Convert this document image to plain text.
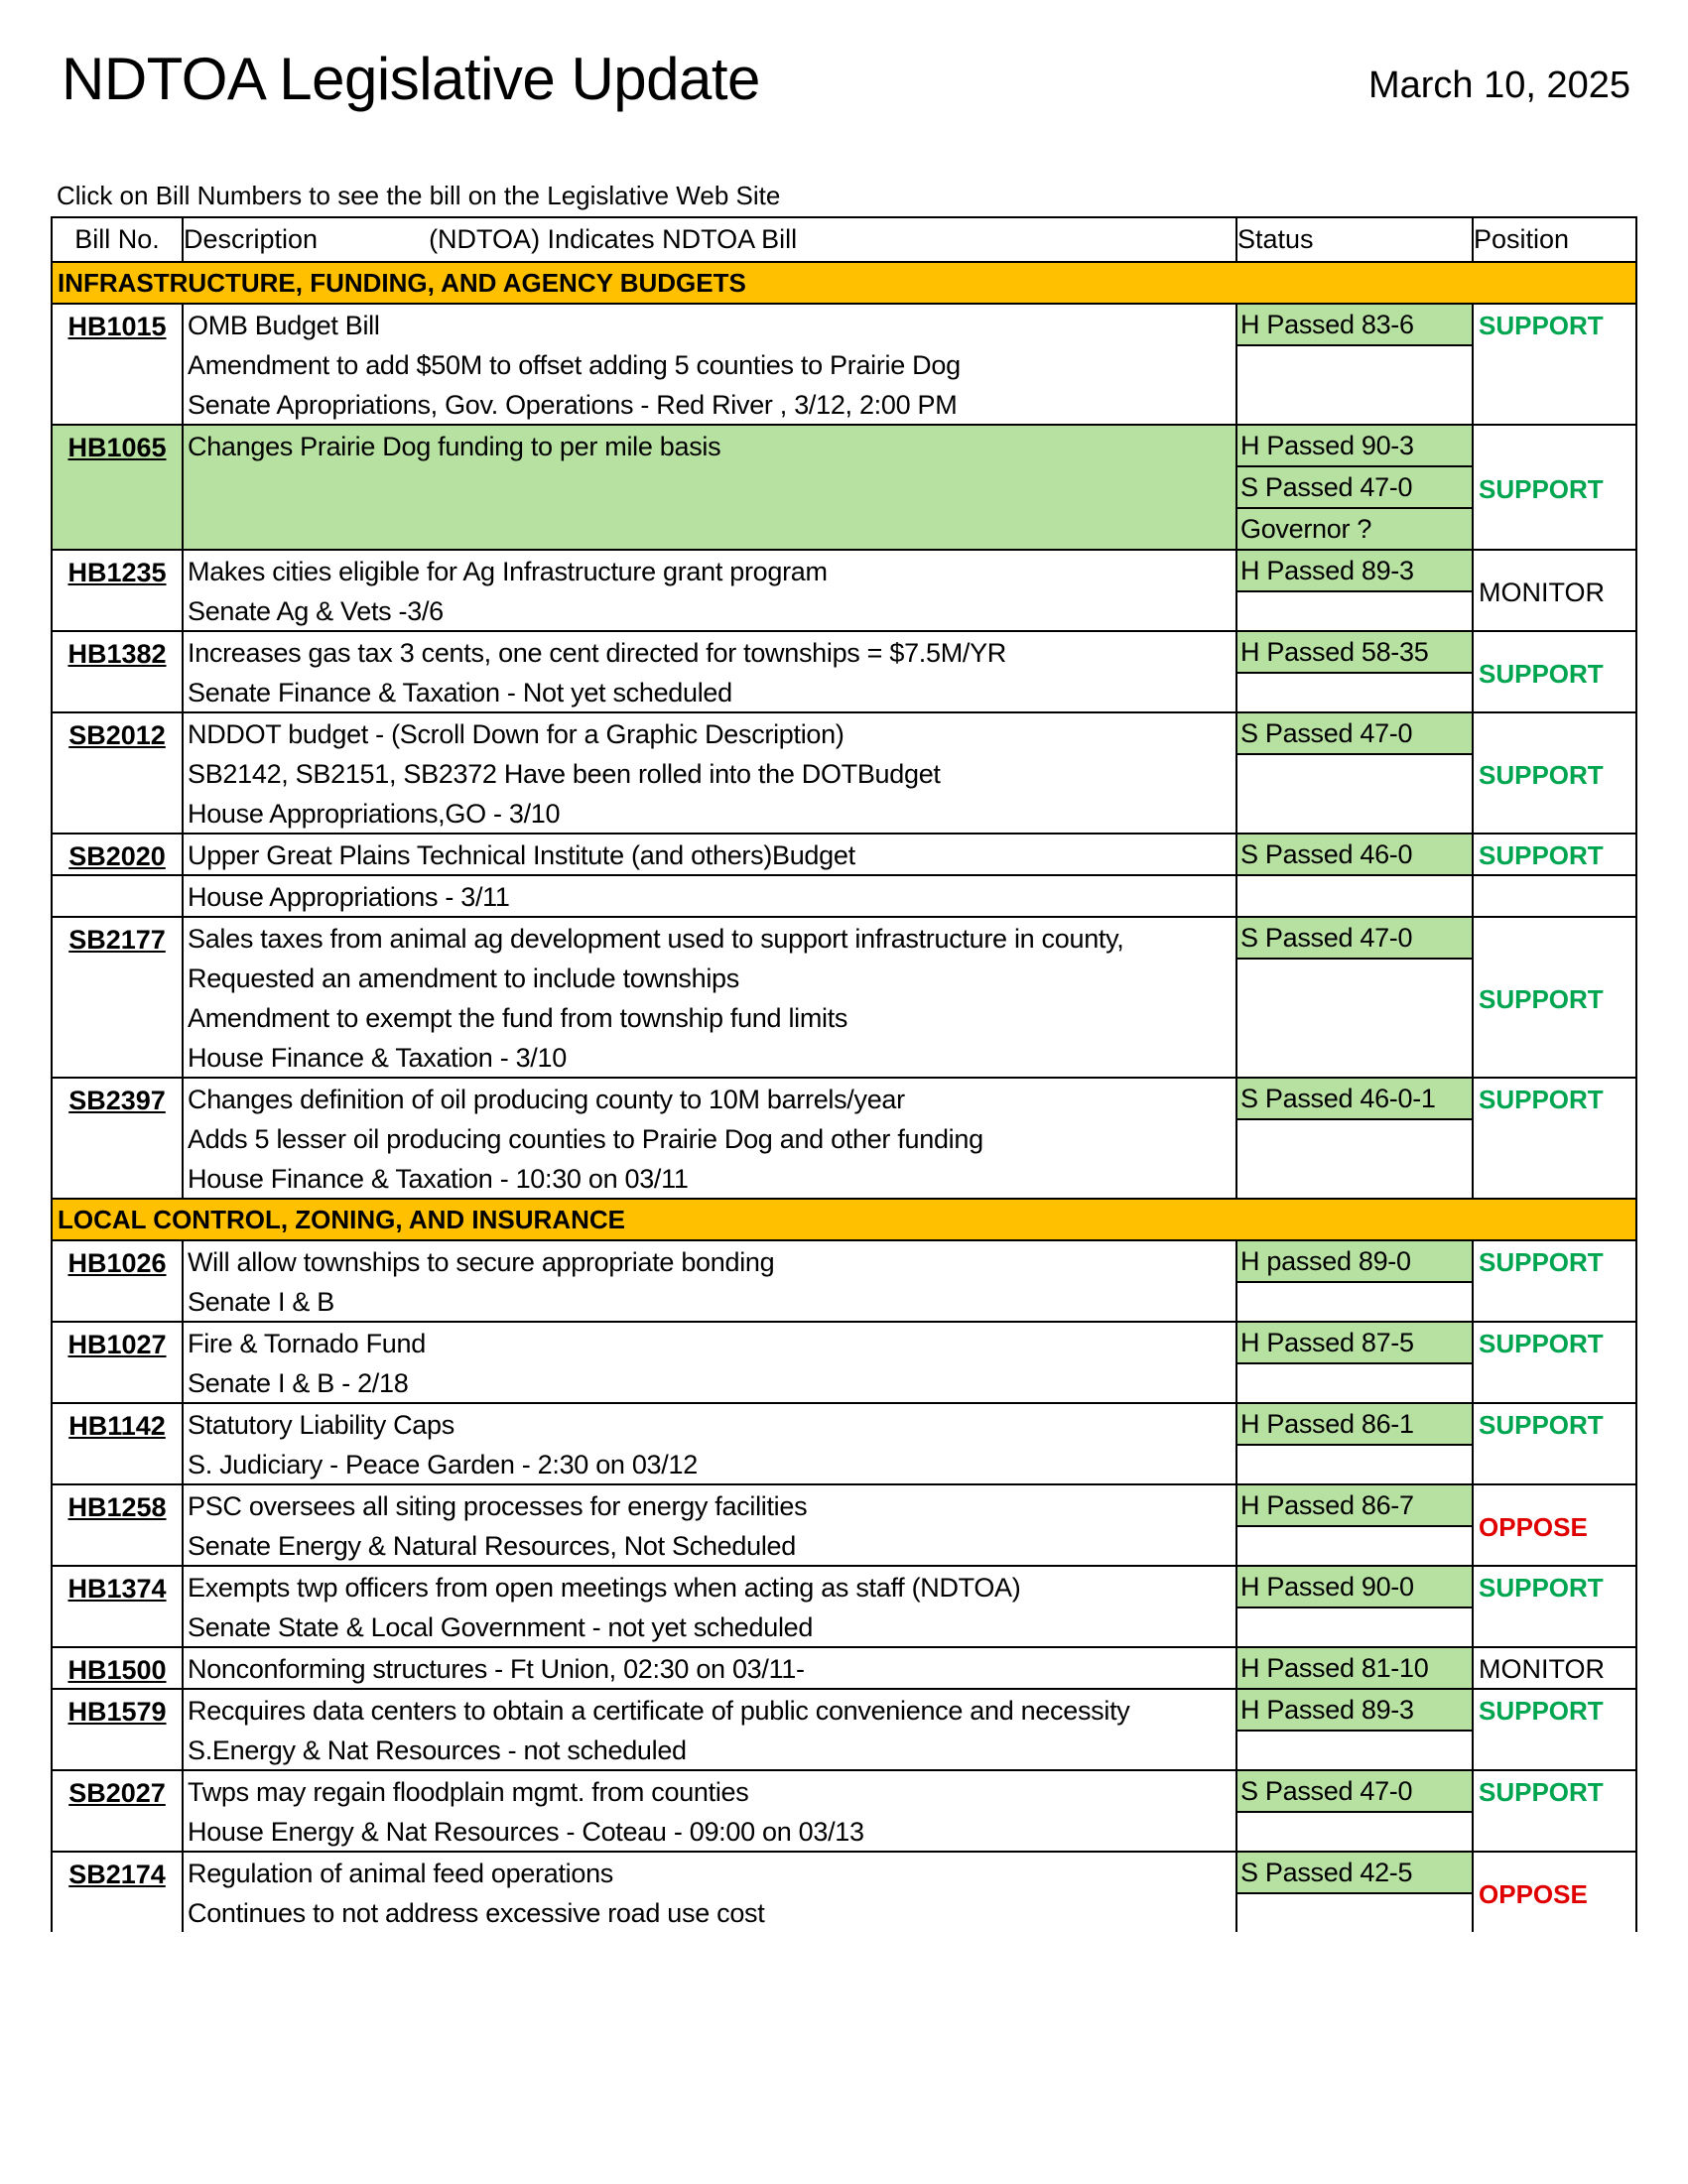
NDTOA Legislative Update	March 10, 2025
Click on Bill Numbers to see the bill on the Legislative Web Site
Bill No.	Description (NDTOA) Indicates NDTOA Bill	Status	Position
INFRASTRUCTURE, FUNDING, AND AGENCY BUDGETS			
HB1015	OMB Budget Bill
Amendment to add $50M to offset adding 5 counties to Prairie Dog
Senate Apropriations, Gov. Operations - Red River , 3/12, 2:00 PM	H Passed 83-6	SUPPORT

HB1065	Changes Prairie Dog funding to per mile basis	H Passed 90-3
S Passed 47-0
Governor ?	SUPPORT

HB1235	Makes cities eligible for Ag Infrastructure grant program
Senate Ag & Vets -3/6	H Passed 89-3	MONITOR

HB1382	Increases gas tax 3 cents, one cent directed for townships = $7.5M/YR
Senate Finance & Taxation - Not yet scheduled	H Passed 58-35	SUPPORT

SB2012	NDDOT budget - (Scroll Down for a Graphic Description)
SB2142, SB2151, SB2372 Have been rolled into the DOTBudget
House Appropriations,GO - 3/10	S Passed 47-0	SUPPORT

SB2020	Upper Great Plains Technical Institute (and others)Budget	S Passed 46-0	SUPPORT

	House Appropriations - 3/11		

SB2177	Sales taxes from animal ag development used to support infrastructure in county,
Requested an amendment to include townships
Amendment to exempt the fund from township fund limits
House Finance & Taxation - 3/10	S Passed 47-0	SUPPORT

SB2397	Changes definition of oil producing county to 10M barrels/year
Adds 5 lesser oil producing counties to Prairie Dog and other funding
House Finance & Taxation - 10:30 on 03/11	S Passed 46-0-1	SUPPORT

LOCAL CONTROL, ZONING, AND INSURANCE			
HB1026	Will allow townships to secure appropriate bonding
Senate I & B	H passed 89-0	SUPPORT

HB1027	Fire & Tornado Fund
Senate I & B - 2/18	H Passed 87-5	SUPPORT

HB1142	Statutory Liability Caps
S. Judiciary - Peace Garden - 2:30 on 03/12	H Passed 86-1	SUPPORT

HB1258	PSC oversees all siting processes for energy facilities
Senate Energy & Natural Resources, Not Scheduled	H Passed 86-7	OPPOSE

HB1374	Exempts twp officers from open meetings when acting as staff (NDTOA)
Senate State & Local Government - not yet scheduled	H Passed 90-0	SUPPORT

HB1500	Nonconforming structures - Ft Union, 02:30 on 03/11-	H Passed 81-10	MONITOR

HB1579	Recquires data centers to obtain a certificate of public convenience and necessity
S.Energy & Nat Resources - not scheduled	H Passed 89-3	SUPPORT

SB2027	Twps may regain floodplain mgmt. from counties
House Energy & Nat Resources - Coteau - 09:00 on 03/13	S Passed 47-0	SUPPORT

SB2174	Regulation of animal feed operations
Continues to not address excessive road use cost	S Passed 42-5	OPPOSE
